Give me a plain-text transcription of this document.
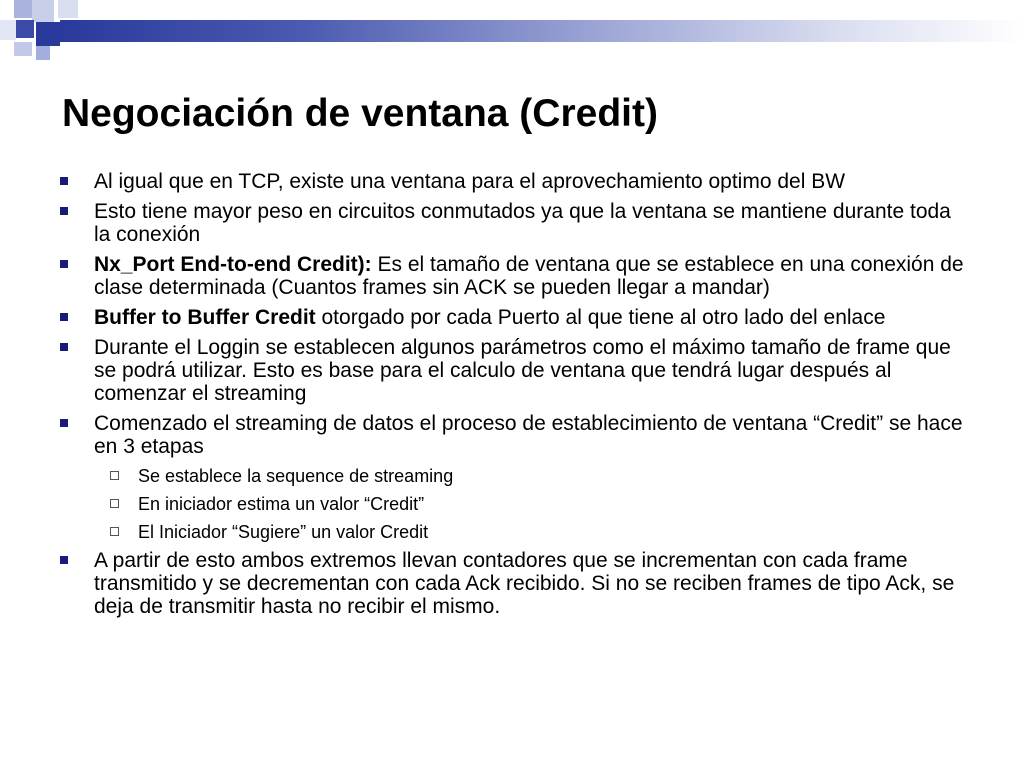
Negociación de ventana (Credit)
Al igual que en TCP, existe una ventana para el aprovechamiento optimo del BW
Esto tiene mayor peso en circuitos conmutados ya que la ventana se mantiene durante toda la conexión
Nx_Port End-to-end Credit): Es el tamaño de ventana que se establece en una conexión de clase determinada (Cuantos frames sin ACK se pueden llegar a mandar)
Buffer to Buffer Credit otorgado por cada Puerto al que tiene al otro lado del enlace
Durante el Loggin se establecen algunos parámetros como el máximo tamaño de frame que se podrá utilizar. Esto es base para el calculo de ventana que tendrá lugar después al comenzar el streaming
Comenzado el streaming de datos el proceso de establecimiento de ventana “Credit” se hace en 3 etapas
Se establece la sequence de streaming
En iniciador estima un valor “Credit”
El Iniciador “Sugiere” un valor Credit
A partir de esto ambos extremos llevan contadores que se incrementan con cada frame transmitido y se decrementan con cada Ack recibido. Si no se reciben frames de tipo Ack, se deja de transmitir hasta no recibir el mismo.
